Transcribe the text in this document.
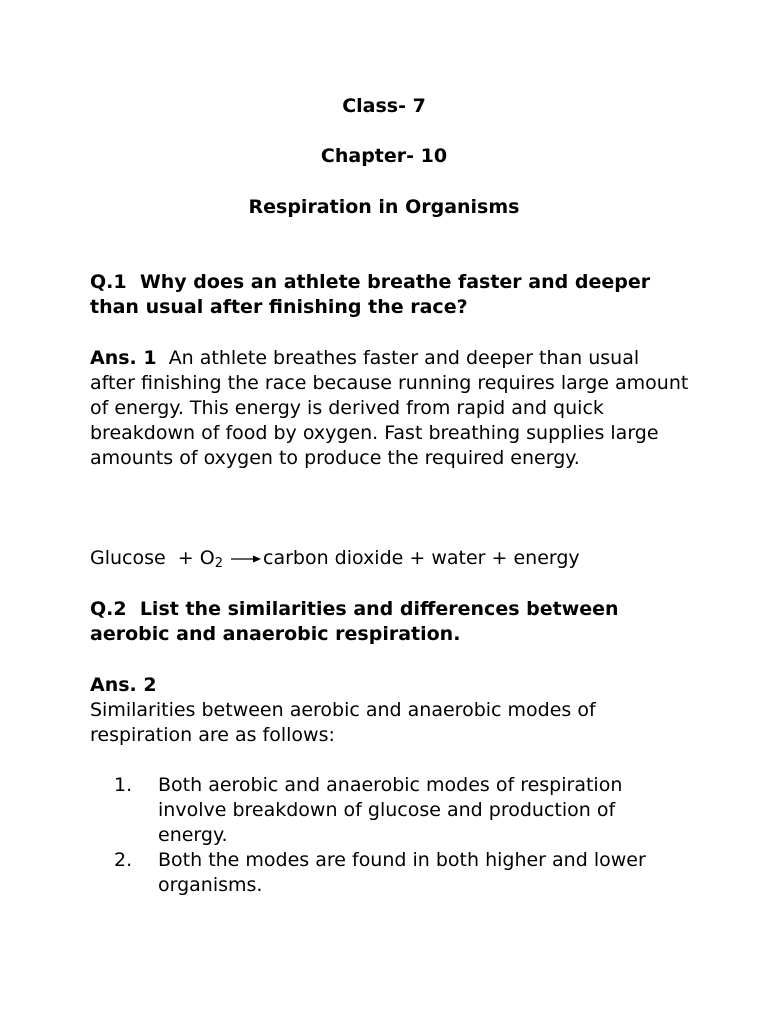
Class- 7

Chapter- 10

Respiration in Organisms

Q.1 Why does an athlete breathe faster and deeper than usual after finishing the race?

Ans. 1 An athlete breathes faster and deeper than usual after finishing the race because running requires large amount of energy. This energy is derived from rapid and quick breakdown of food by oxygen. Fast breathing supplies large amounts of oxygen to produce the required energy.

$Glucose + O_2$ → carbon dioxide + water + energy

Q.2 List the similarities and differences between aerobic and anaerobic respiration.

Ans. 2

Similarities between aerobic and anaerobic modes of respiration are as follows:

1. Both aerobic and anaerobic modes of respiration involve breakdown of glucose and production of energy.
2. Both the modes are found in both higher and lower organisms.
